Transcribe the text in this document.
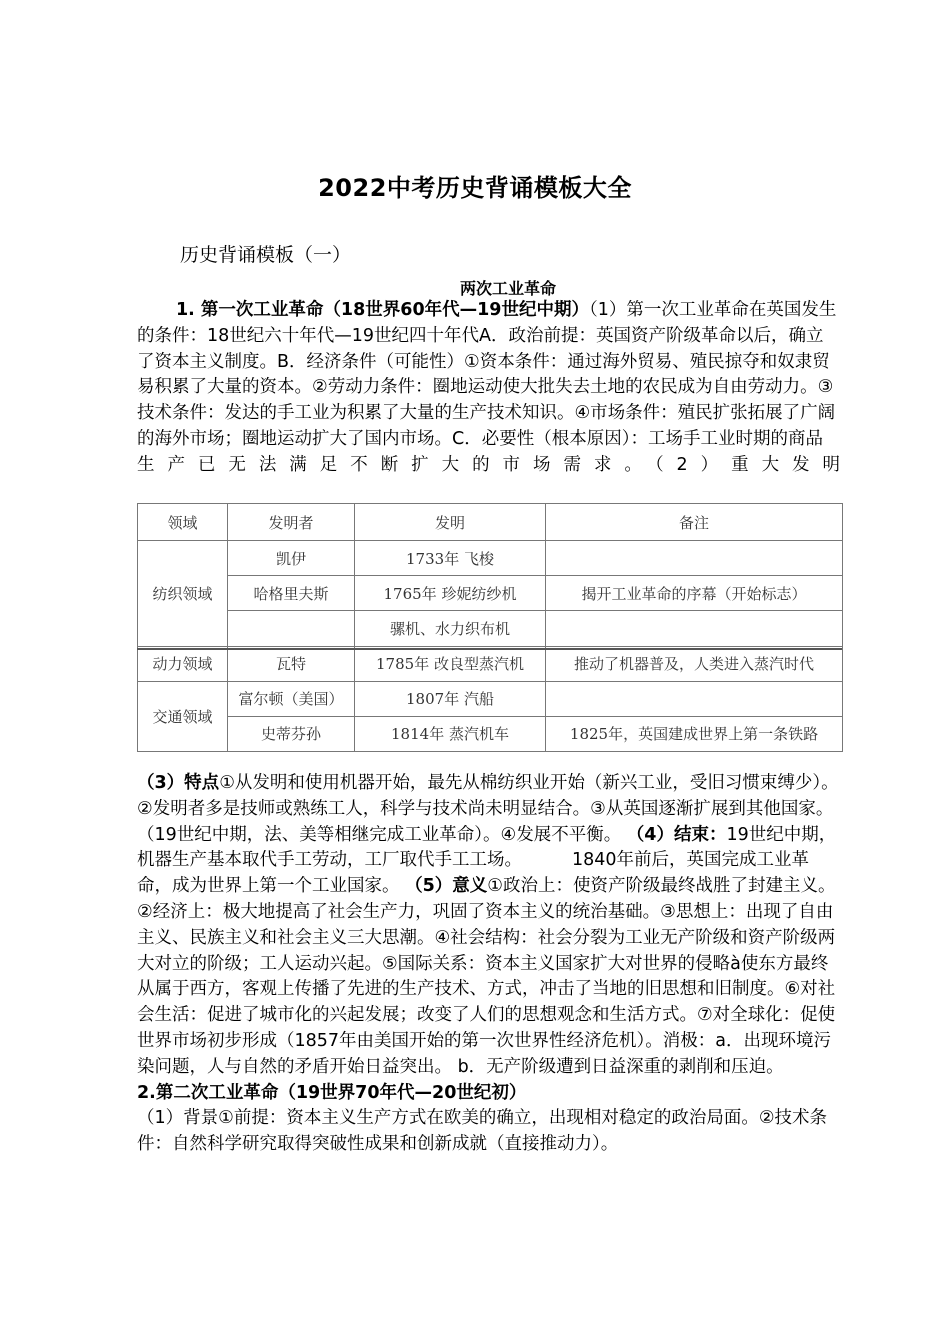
2022中考历史背诵模板大全
历史背诵模板（一）
两次工业革命

1. 第一次工业革命（18世界60年代—19世纪中期）（1）第一次工业革命在英国发生的条件：18世纪六十年代—19世纪四十年代A．政治前提：英国资产阶级革命以后，确立了资本主义制度。B．经济条件（可能性）①资本条件：通过海外贸易、殖民掠夺和奴隶贸易积累了大量的资本。②劳动力条件：圈地运动使大批失去土地的农民成为自由劳动力。③技术条件：发达的手工业为积累了大量的生产技术知识。④市场条件：殖民扩张拓展了广阔的海外市场；圈地运动扩大了国内市场。C．必要性（根本原因）：工场手工业时期的商品

生产已无法满足不断扩大的市场需求。（2）重大发明

领域	发明者	发明	备注
纺织领域	凯伊	1733年 飞梭	
	哈格里夫斯	1765年 珍妮纺纱机	揭开工业革命的序幕（开始标志）
		骡机、水力织布机	
动力领域	瓦特	1785年 改良型蒸汽机	推动了机器普及，人类进入蒸汽时代
交通领域	富尔顿（美国）	1807年 汽船	
	史蒂芬孙	1814年 蒸汽机车	1825年，英国建成世界上第一条铁路

（3）特点①从发明和使用机器开始，最先从棉纺织业开始（新兴工业，受旧习惯束缚少）。②发明者多是技师或熟练工人，科学与技术尚未明显结合。③从英国逐渐扩展到其他国家。（19世纪中期，法、美等相继完成工业革命）。④发展不平衡。 （4）结束：19世纪中期，机器生产基本取代手工劳动，工厂取代手工工场。	1840年前后，英国完成工业革命，成为世界上第一个工业国家。 （5）意义①政治上：使资产阶级最终战胜了封建主义。②经济上：极大地提高了社会生产力，巩固了资本主义的统治基础。③思想上：出现了自由主义、民族主义和社会主义三大思潮。④社会结构：社会分裂为工业无产阶级和资产阶级两大对立的阶级；工人运动兴起。⑤国际关系：资本主义国家扩大对世界的侵略à使东方最终从属于西方，客观上传播了先进的生产技术、方式，冲击了当地的旧思想和旧制度。⑥对社会生活：促进了城市化的兴起发展；改变了人们的思想观念和生活方式。⑦对全球化：促使世界市场初步形成（1857年由美国开始的第一次世界性经济危机）。消极：a．出现环境污染问题，人与自然的矛盾开始日益突出。 b．无产阶级遭到日益深重的剥削和压迫。

2.第二次工业革命（19世界70年代—20世纪初）

（1）背景①前提：资本主义生产方式在欧美的确立，出现相对稳定的政治局面。②技术条件：自然科学研究取得突破性成果和创新成就（直接推动力）。
